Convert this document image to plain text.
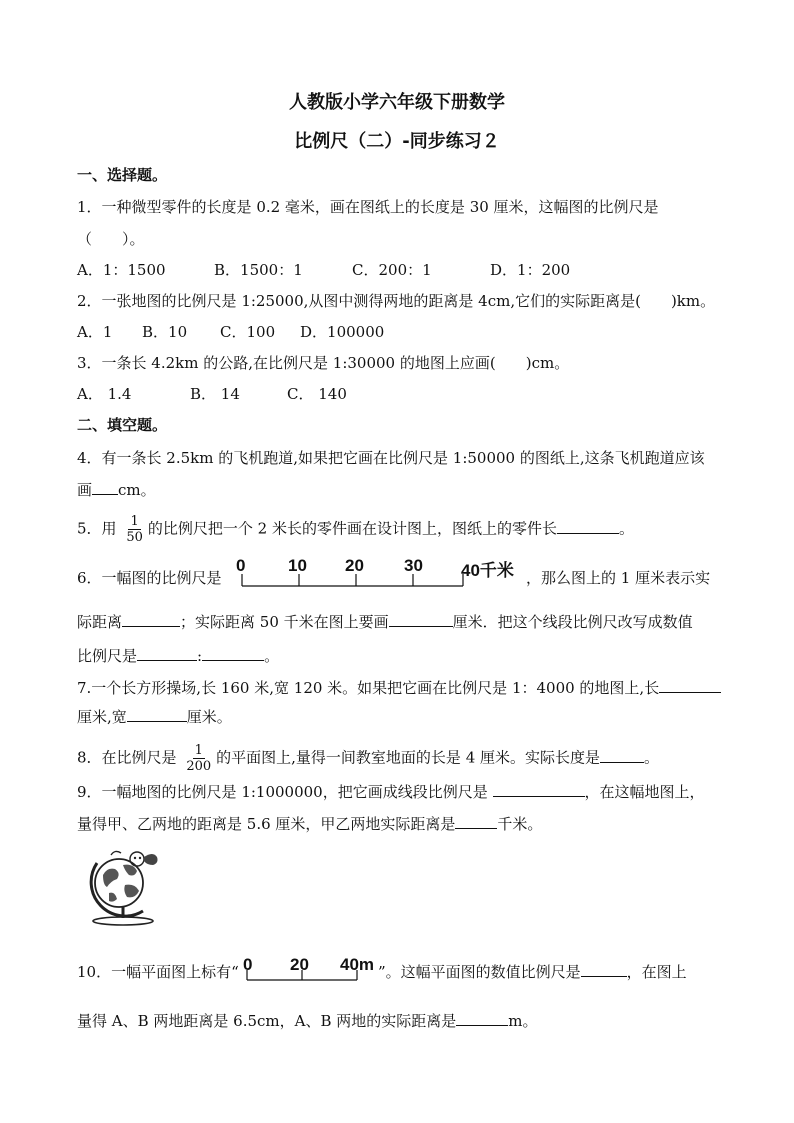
人教版小学六年级下册数学
比例尺（二）-同步练习２
一、选择题。
1．一种微型零件的长度是 0.2 毫米，画在图纸上的长度是 30 厘米，这幅图的比例尺是
（　　）。
A．1：1500	B．1500：1	C．200：1	D．1：200
2．一张地图的比例尺是 1:25000,从图中测得两地的距离是 4cm,它们的实际距离是(　　)km。
A．1 B．10 C．100 D．100000
3．一条长 4.2km 的公路,在比例尺是 1:30000 的地图上应画(　　)cm。
A． 1.4	B． 14	C． 140
二、填空题。
4．有一条长 2.5km 的飞机跑道,如果把它画在比例尺是 1:50000 的图纸上,这条飞机跑道应该
画 cm。
5．用 $\frac{1}{50}$ 的比例尺把一个 2 米长的零件画在设计图上，图纸上的零件长	。
6．一幅图的比例尺是
0	10 20 30 40千米 ，那么图上的 1 厘米表示实
际距离	；实际距离 50 千米在图上要画	厘米．把这个线段比例尺改写成数值
比例尺是	:	。
7.一个长方形操场,长 160 米,宽 120 米。如果把它画在比例尺是 1：4000 的地图上,长
厘米,宽	厘米。
8．在比例尺是 $\frac{1}{200}$ 的平面图上,量得一间教室地面的长是 4 厘米。实际长度是	。
9．一幅地图的比例尺是 1:1000000，把它画成线段比例尺是	，在这幅地图上，
量得甲、乙两地的距离是 5.6 厘米，甲乙两地实际距离是	千米。
10．一幅平面图上标有“ 0 20 40m ”。这幅平面图的数值比例尺是	，在图上
量得 A、B 两地距离是 6.5cm，A、B 两地的实际距离是	m。
